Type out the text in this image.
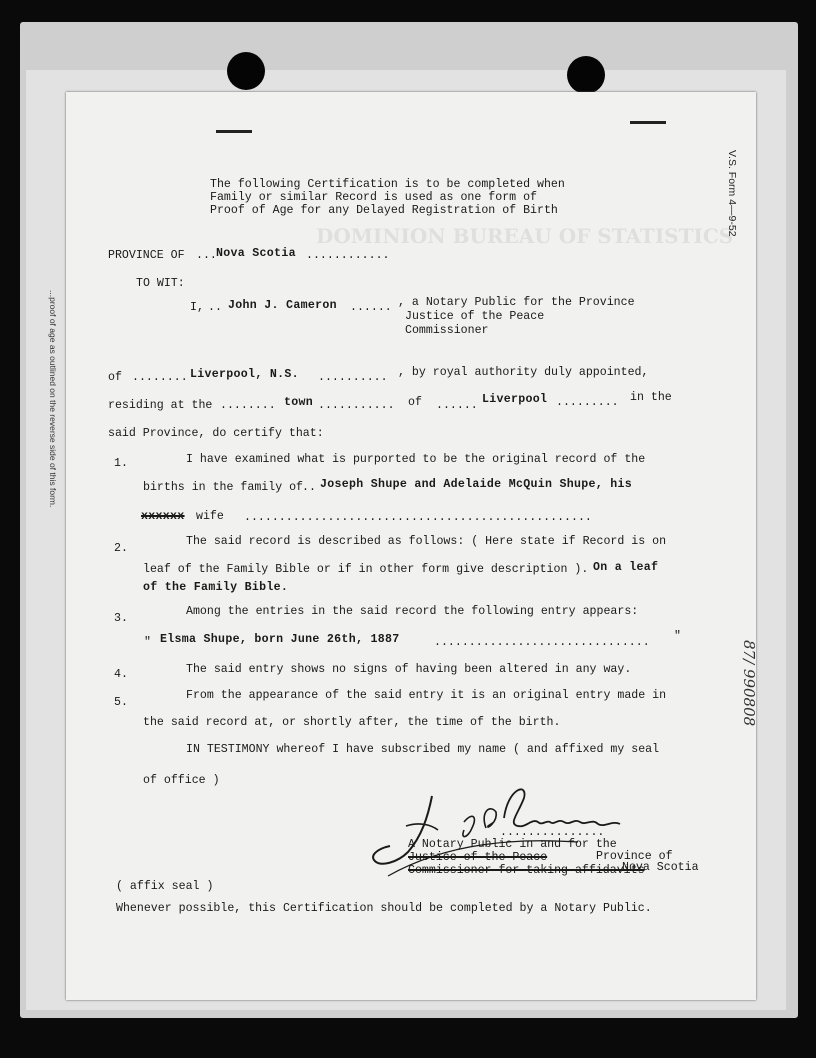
DOMINION BUREAU OF STATISTICS
V.S. Form 4—9-52
...proof of age as outlined on the reverse side of this form.
87/ 990808
The following Certification is to be completed when
Family or similar Record is used as one form of
Proof of Age for any Delayed Registration of Birth
PROVINCE OF ... Nova Scotia ............
TO WIT:
I, .. John J. Cameron ...... , a Notary Public for the Province
Justice of the Peace
Commissioner
of ........ Liverpool, N.S. .......... , by royal authority duly appointed,
residing at the ........ town ........... of ...... Liverpool ......... in the
said Province, do certify that:
1.	I have examined what is purported to be the original record of the
births in the family of
.. Joseph Shupe and Adelaide McQuin Shupe, his
xxxxxx wife ..................................................
2.
The said record is described as follows: ( Here state if Record is on
leaf of the Family Bible or if in other form give description ). On a leaf
of the Family Bible.
3.
Among the entries in the said record the following entry appears:
" Elsma Shupe, born June 26th, 1887	............................... "
4.	The said entry shows no signs of having been altered in any way.
5.
From the appearance of the said entry it is an original entry made in
the said record at, or shortly after, the time of the birth.
IN TESTIMONY whereof I have subscribed my name ( and affixed my seal
of office )
...............
A Notary Public in and for the
Justice of the Peace	Province of
Commissioner for taking affidavits
Nova Scotia
( affix seal )
Whenever possible, this Certification should be completed by a Notary Public.
